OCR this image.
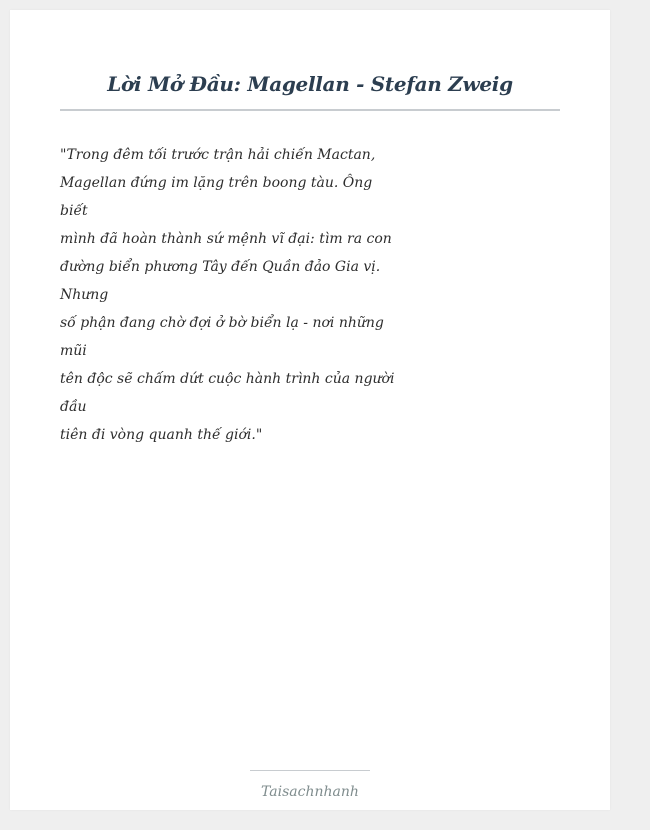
Lời Mở Đầu: Magellan - Stefan Zweig
"Trong đêm tối trước trận hải chiến Mactan,
Magellan đứng im lặng trên boong tàu. Ông
biết
mình đã hoàn thành sứ mệnh vĩ đại: tìm ra con
đường biển phương Tây đến Quần đảo Gia vị.
Nhưng
số phận đang chờ đợi ở bờ biển lạ - nơi những
mũi
tên độc sẽ chấm dứt cuộc hành trình của người
đầu
tiên đi vòng quanh thế giới."
Taisachnhanh
